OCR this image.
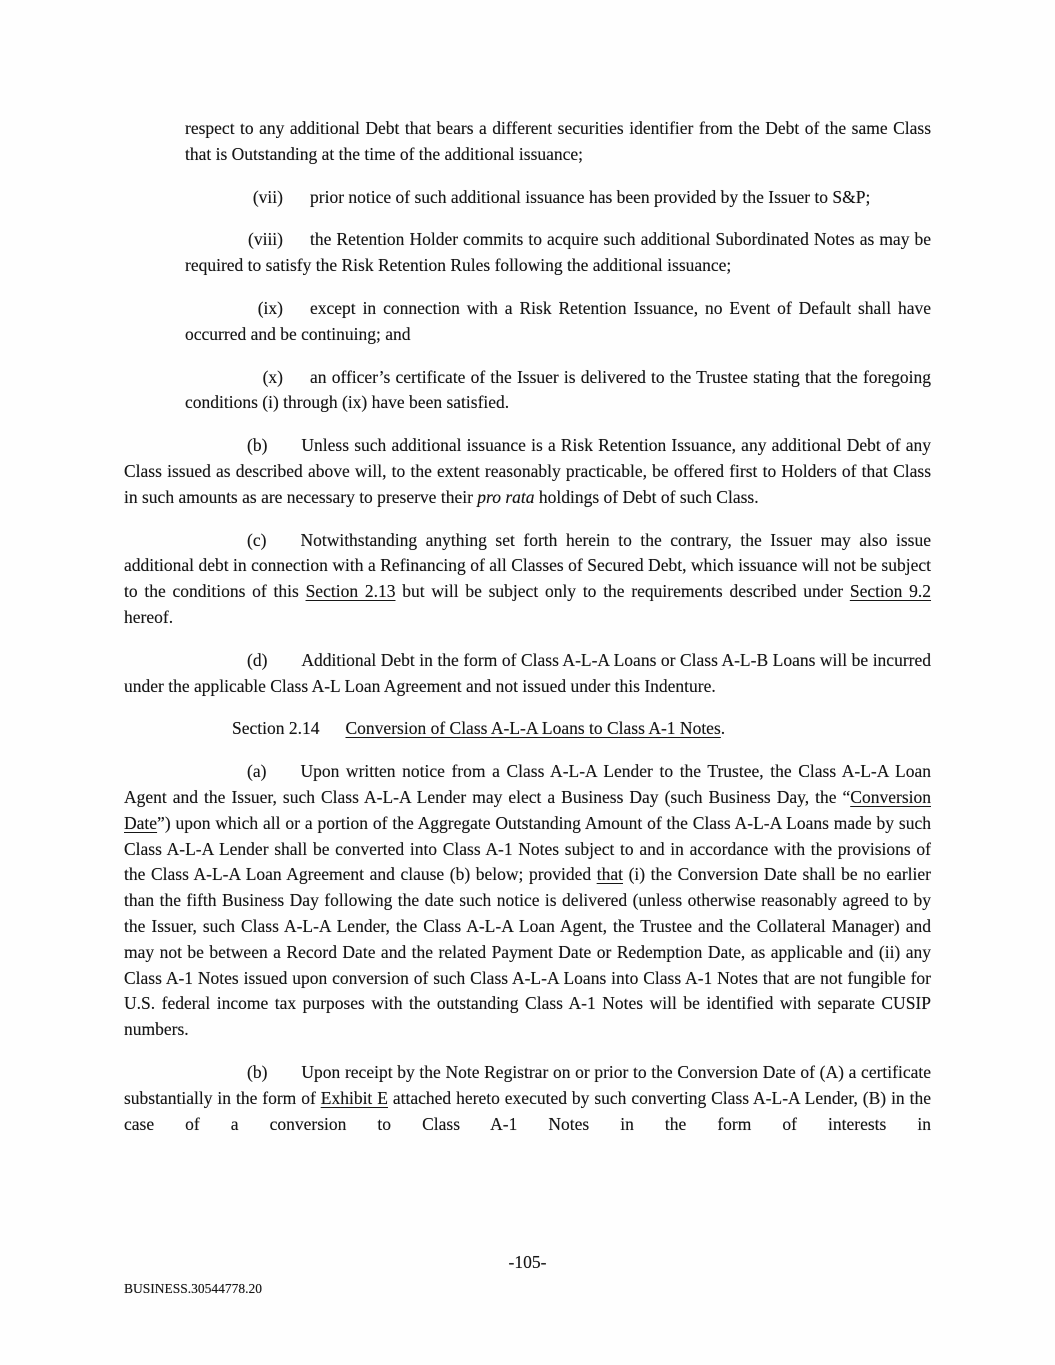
respect to any additional Debt that bears a different securities identifier from the Debt of the same Class that is Outstanding at the time of the additional issuance;

(vii) prior notice of such additional issuance has been provided by the Issuer to S&P;

(viii) the Retention Holder commits to acquire such additional Subordinated Notes as may be required to satisfy the Risk Retention Rules following the additional issuance;

(ix) except in connection with a Risk Retention Issuance, no Event of Default shall have occurred and be continuing; and

(x) an officer’s certificate of the Issuer is delivered to the Trustee stating that the foregoing conditions (i) through (ix) have been satisfied.

(b) Unless such additional issuance is a Risk Retention Issuance, any additional Debt of any Class issued as described above will, to the extent reasonably practicable, be offered first to Holders of that Class in such amounts as are necessary to preserve their pro rata holdings of Debt of such Class.

(c) Notwithstanding anything set forth herein to the contrary, the Issuer may also issue additional debt in connection with a Refinancing of all Classes of Secured Debt, which issuance will not be subject to the conditions of this Section 2.13 but will be subject only to the requirements described under Section 9.2 hereof.

(d) Additional Debt in the form of Class A-L-A Loans or Class A-L-B Loans will be incurred under the applicable Class A-L Loan Agreement and not issued under this Indenture.

Section 2.14 Conversion of Class A-L-A Loans to Class A-1 Notes.

(a) Upon written notice from a Class A-L-A Lender to the Trustee, the Class A-L-A Loan Agent and the Issuer, such Class A-L-A Lender may elect a Business Day (such Business Day, the “Conversion Date”) upon which all or a portion of the Aggregate Outstanding Amount of the Class A-L-A Loans made by such Class A-L-A Lender shall be converted into Class A-1 Notes subject to and in accordance with the provisions of the Class A-L-A Loan Agreement and clause (b) below; provided that (i) the Conversion Date shall be no earlier than the fifth Business Day following the date such notice is delivered (unless otherwise reasonably agreed to by the Issuer, such Class A-L-A Lender, the Class A-L-A Loan Agent, the Trustee and the Collateral Manager) and may not be between a Record Date and the related Payment Date or Redemption Date, as applicable and (ii) any Class A-1 Notes issued upon conversion of such Class A-L-A Loans into Class A-1 Notes that are not fungible for U.S. federal income tax purposes with the outstanding Class A-1 Notes will be identified with separate CUSIP numbers.

(b) Upon receipt by the Note Registrar on or prior to the Conversion Date of (A) a certificate substantially in the form of Exhibit E attached hereto executed by such converting Class A-L-A Lender, (B) in the case of a conversion to Class A-1 Notes in the form of interests in

-105-
BUSINESS.30544778.20
